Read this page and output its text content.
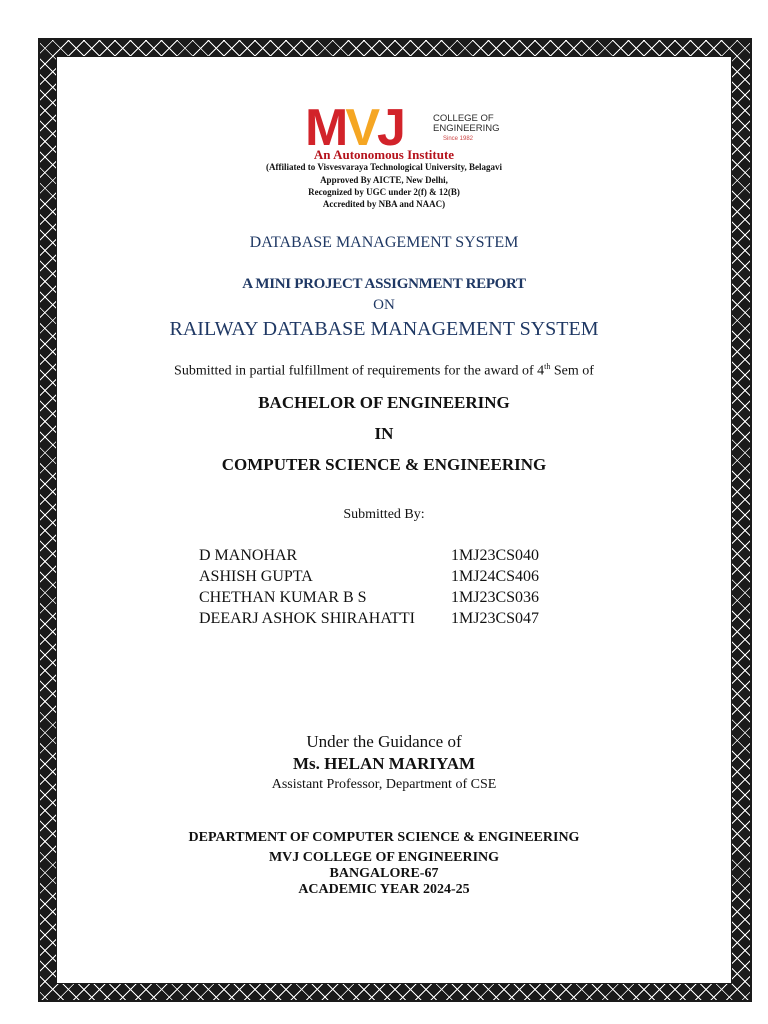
MVJ	COLLEGE OF
ENGINEERING
Since 1982
An Autonomous Institute
(Affiliated to Visvesvaraya Technological University, Belagavi
Approved By AICTE, New Delhi,
Recognized by UGC under 2(f) & 12(B)
Accredited by NBA and NAAC)
DATABASE MANAGEMENT SYSTEM
A MINI PROJECT ASSIGNMENT REPORT
ON
RAILWAY DATABASE MANAGEMENT SYSTEM
Submitted in partial fulfillment of requirements for the award of 4th Sem of
BACHELOR OF ENGINEERING
IN
COMPUTER SCIENCE & ENGINEERING
Submitted By:
D MANOHAR	1MJ23CS040
ASHISH GUPTA	1MJ24CS406
CHETHAN KUMAR B S	1MJ23CS036
DEEARJ ASHOK SHIRAHATTI	1MJ23CS047
Under the Guidance of
Ms. HELAN MARIYAM
Assistant Professor, Department of CSE
DEPARTMENT OF COMPUTER SCIENCE & ENGINEERING
MVJ COLLEGE OF ENGINEERING
BANGALORE-67
ACADEMIC YEAR 2024-25
